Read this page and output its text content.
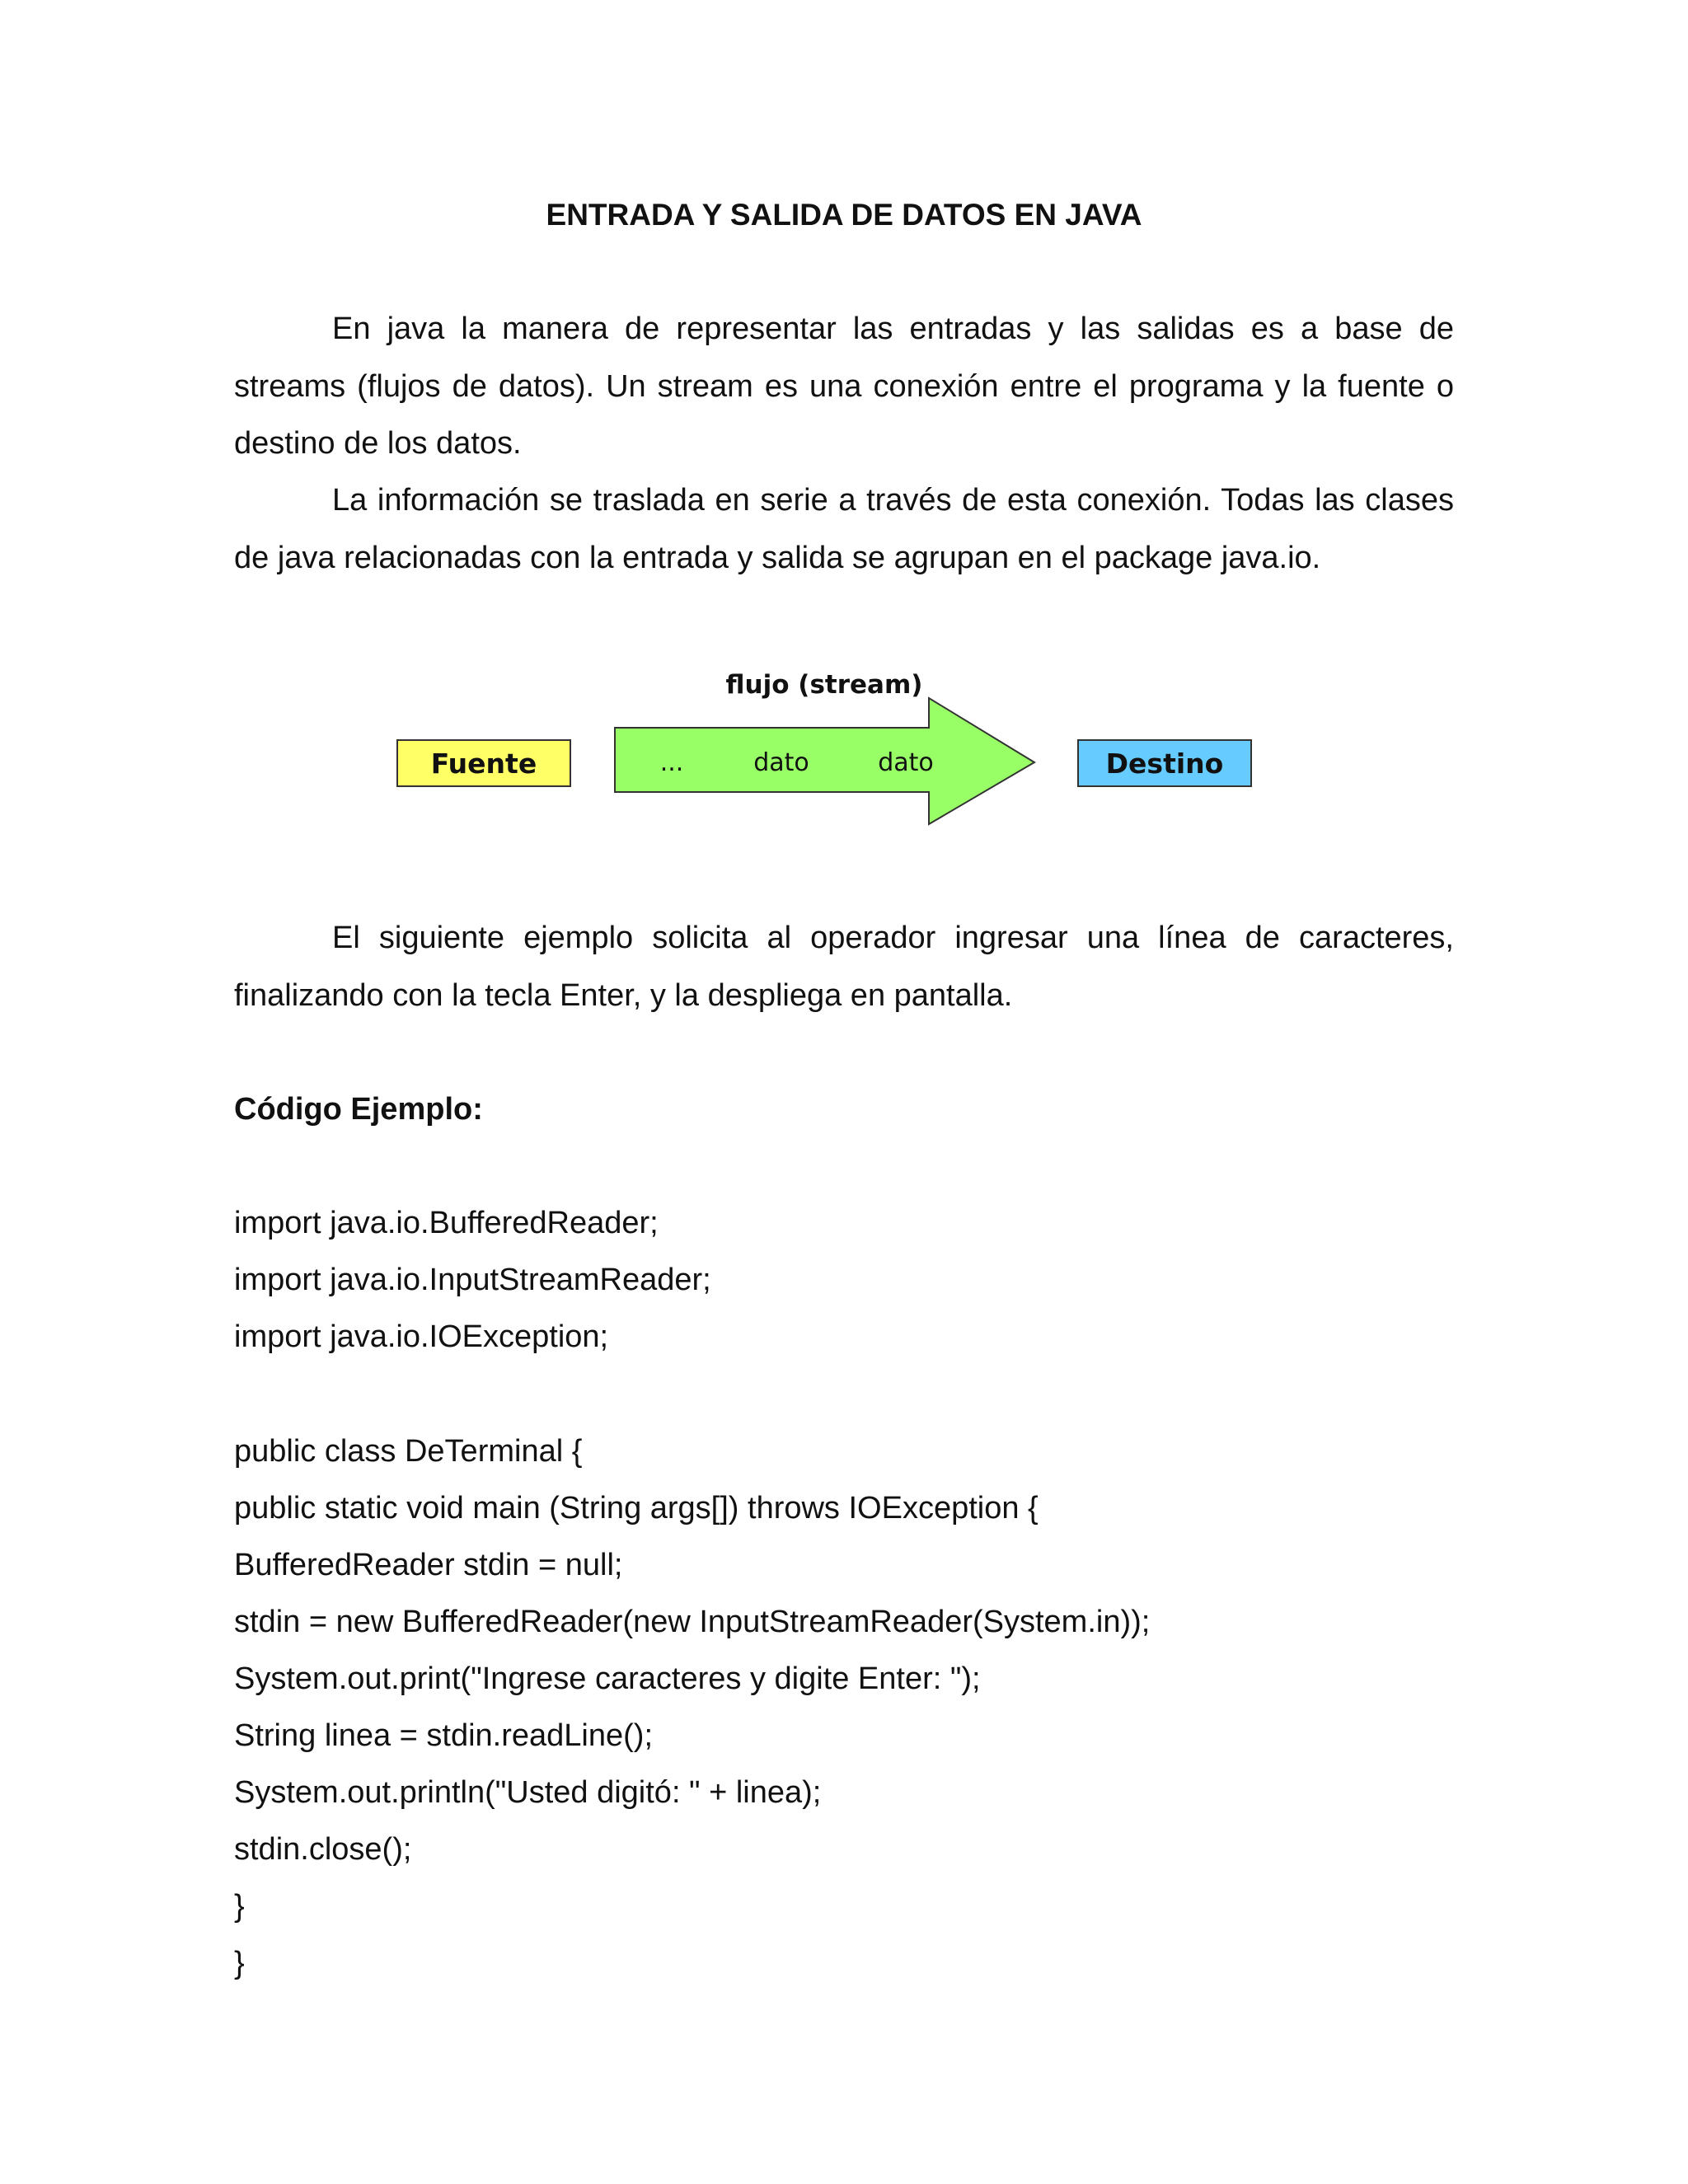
ENTRADA Y SALIDA DE DATOS EN JAVA

En java la manera de representar las entradas y las salidas es a base de streams (flujos de datos). Un stream es una conexión entre el programa y la fuente o destino de los datos.

La información se traslada en serie a través de esta conexión. Todas las clases de java relacionadas con la entrada y salida se agrupan en el package java.io.

flujo (stream)
Fuente	...	dato	dato	Destino

El siguiente ejemplo solicita al operador ingresar una línea de caracteres, finalizando con la tecla Enter, y la despliega en pantalla.

Código Ejemplo:
import java.io.BufferedReader;
import java.io.InputStreamReader;
import java.io.IOException;
public class DeTerminal {
public static void main (String args[]) throws IOException {
BufferedReader stdin = null;
stdin = new BufferedReader(new InputStreamReader(System.in));
System.out.print("Ingrese caracteres y digite Enter: ");
String linea = stdin.readLine();
System.out.println("Usted digitó: " + linea);
stdin.close();
}
}
